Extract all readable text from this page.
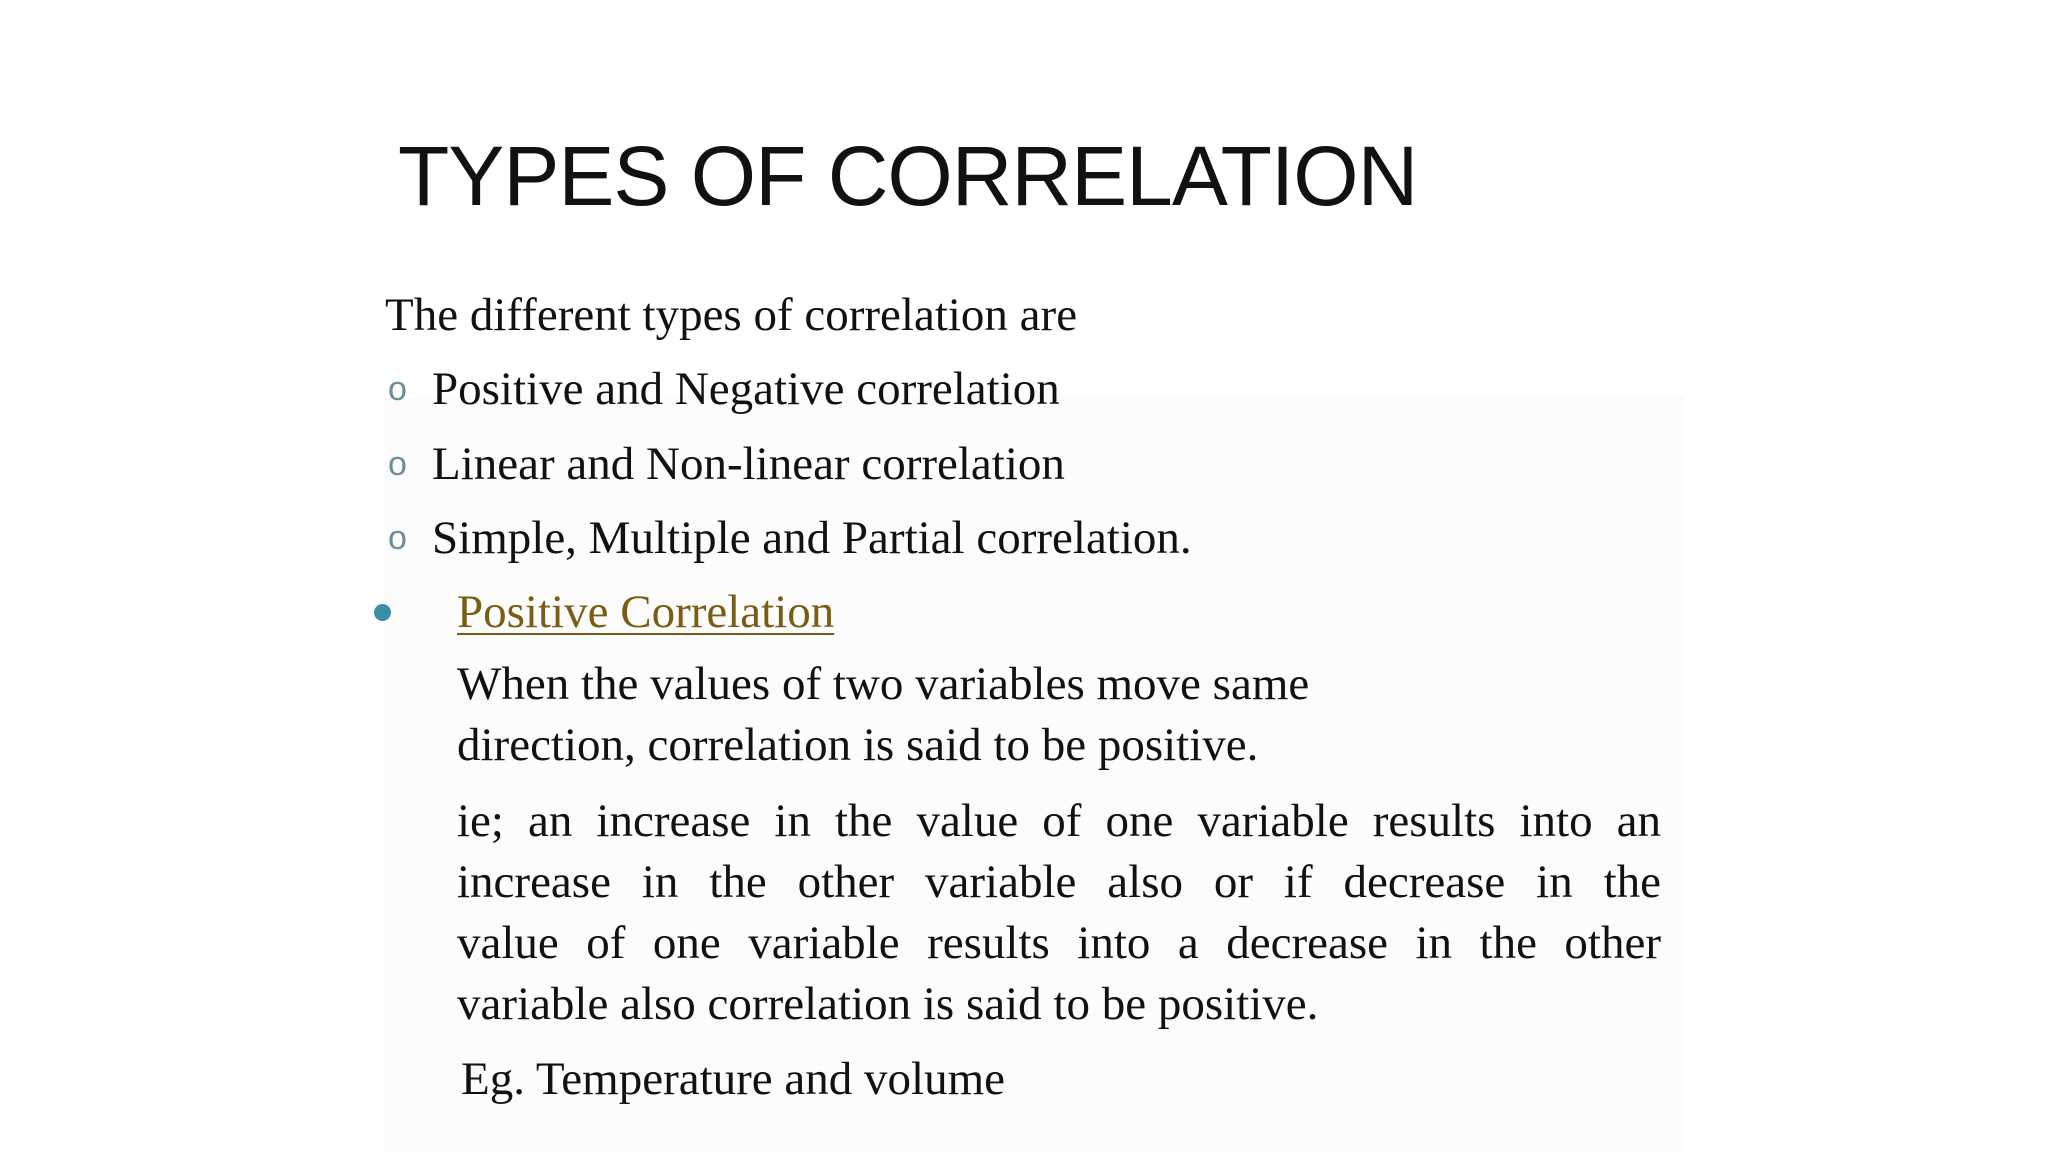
TYPES OF CORRELATION

The different types of correlation are

o Positive and Negative correlation

o Linear and Non-linear correlation

o Simple, Multiple and Partial correlation.

Positive Correlation

When the values of two variables move same
direction, correlation is said to be positive.
ie; an increase in the value of one variable results into an
increase in the other variable also or if decrease in the
value of one variable results into a decrease in the other
variable also correlation is said to be positive.

Eg. Temperature and volume
